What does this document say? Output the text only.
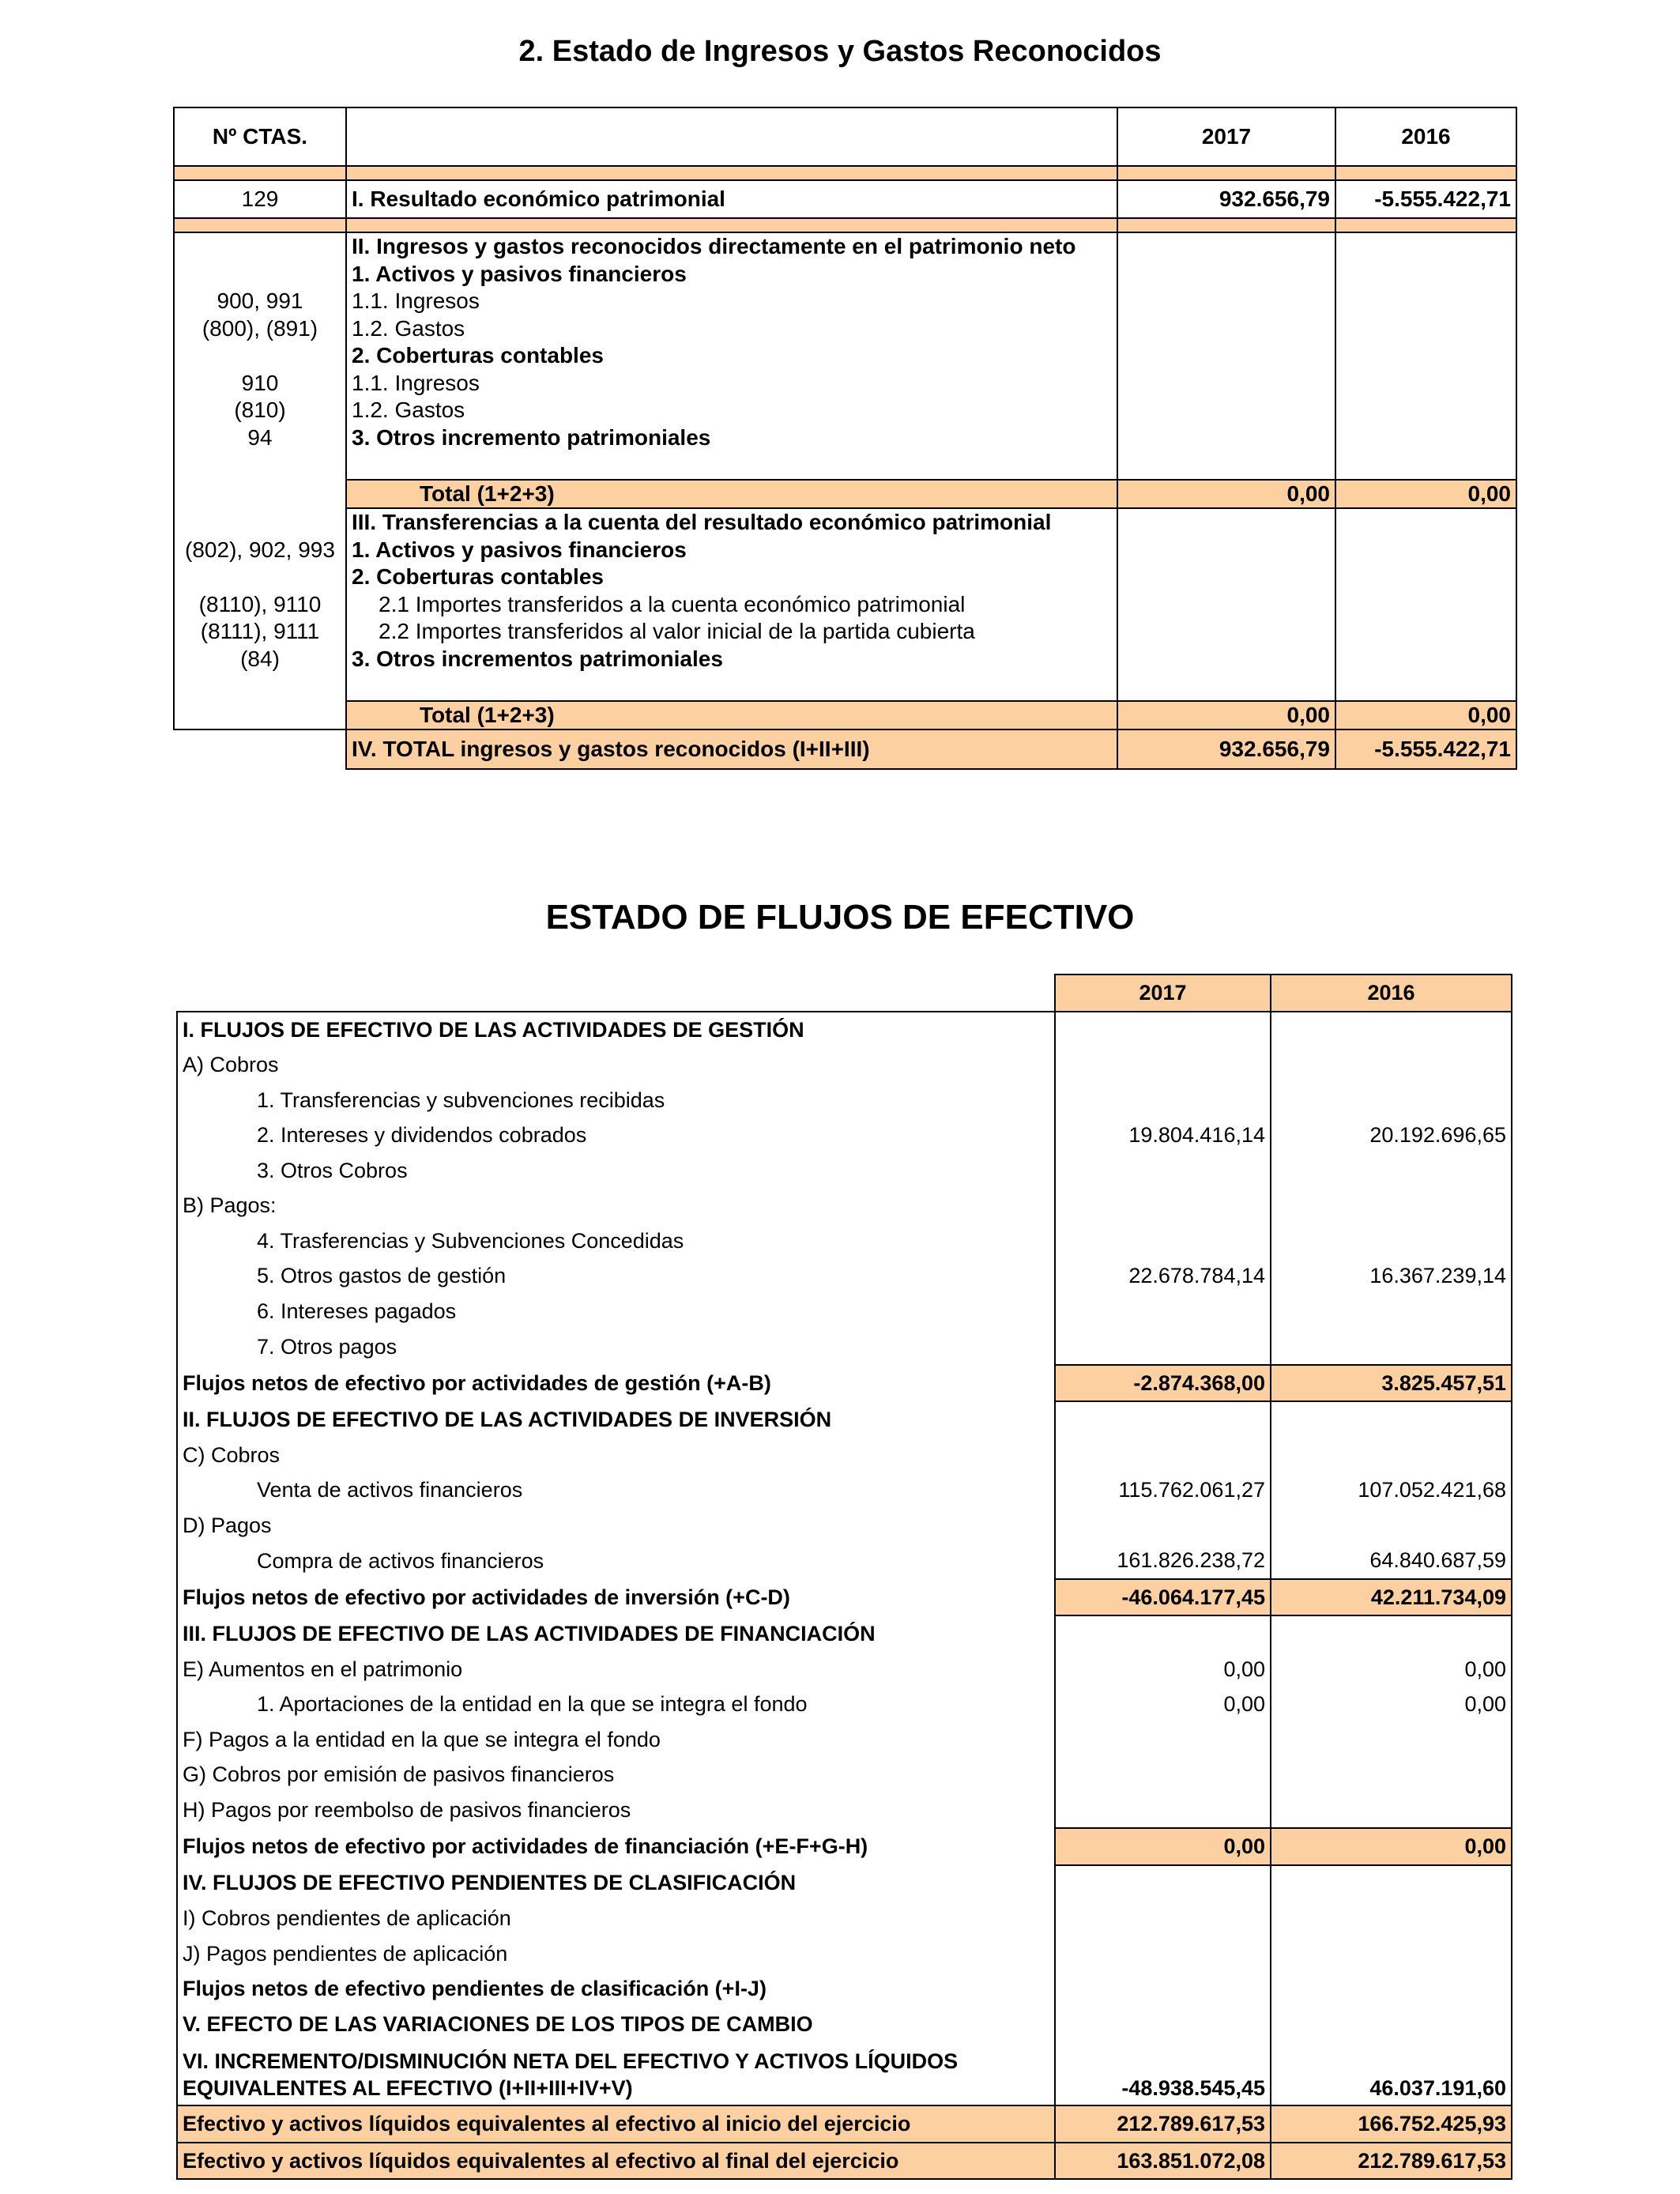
2. Estado de Ingresos y Gastos Reconocidos
Nº CTAS.		2017	2016

129	I. Resultado económico patrimonial	932.656,79	-5.555.422,71

	II. Ingresos y gastos reconocidos directamente en el patrimonio neto		
	1. Activos y pasivos financieros		
900, 991	1.1. Ingresos		
(800), (891)	1.2. Gastos		
	2. Coberturas contables		
910	1.1. Ingresos		
(810)	1.2. Gastos		
94	3. Otros incremento patrimoniales		

	Total (1+2+3)	0,00	0,00
	III. Transferencias a la cuenta del resultado económico patrimonial		
(802), 902, 993	1. Activos y pasivos financieros		
	2. Coberturas contables		
(8110), 9110	2.1 Importes transferidos a la cuenta económico patrimonial		
(8111), 9111	2.2 Importes transferidos al valor inicial de la partida cubierta		
(84)	3. Otros incrementos patrimoniales		

	Total (1+2+3)	0,00	0,00
	IV. TOTAL ingresos y gastos reconocidos (I+II+III)	932.656,79	-5.555.422,71
ESTADO DE FLUJOS DE EFECTIVO
	2017	2016
I. FLUJOS DE EFECTIVO DE LAS ACTIVIDADES DE GESTIÓN		
A) Cobros		
1. Transferencias y subvenciones recibidas		
2. Intereses y dividendos cobrados	19.804.416,14	20.192.696,65
3. Otros Cobros		
B) Pagos:		
4. Trasferencias y Subvenciones Concedidas		
5. Otros gastos de gestión	22.678.784,14	16.367.239,14
6. Intereses pagados		
7. Otros pagos		
Flujos netos de efectivo por actividades de gestión (+A-B)	-2.874.368,00	3.825.457,51
II. FLUJOS DE EFECTIVO DE LAS ACTIVIDADES DE INVERSIÓN		
C) Cobros		
Venta de activos financieros	115.762.061,27	107.052.421,68
D) Pagos		
Compra de activos financieros	161.826.238,72	64.840.687,59
Flujos netos de efectivo por actividades de inversión (+C-D)	-46.064.177,45	42.211.734,09
III. FLUJOS DE EFECTIVO DE LAS ACTIVIDADES DE FINANCIACIÓN		
E) Aumentos en el patrimonio	0,00	0,00
1. Aportaciones de la entidad en la que se integra el fondo	0,00	0,00
F) Pagos a la entidad en la que se integra el fondo		
G) Cobros por emisión de pasivos financieros		
H) Pagos por reembolso de pasivos financieros		
Flujos netos de efectivo por actividades de financiación (+E-F+G-H)	0,00	0,00
IV. FLUJOS DE EFECTIVO PENDIENTES DE CLASIFICACIÓN		
I) Cobros pendientes de aplicación		
J) Pagos pendientes de aplicación		
Flujos netos de efectivo pendientes de clasificación (+I-J)		
V. EFECTO DE LAS VARIACIONES DE LOS TIPOS DE CAMBIO		

VI. INCREMENTO/DISMINUCIÓN NETA DEL EFECTIVO Y ACTIVOS LÍQUIDOS
EQUIVALENTES AL EFECTIVO (I+II+III+IV+V)	-48.938.545,45	46.037.191,60
Efectivo y activos líquidos equivalentes al efectivo al inicio del ejercicio	212.789.617,53	166.752.425,93
Efectivo y activos líquidos equivalentes al efectivo al final del ejercicio	163.851.072,08	212.789.617,53
